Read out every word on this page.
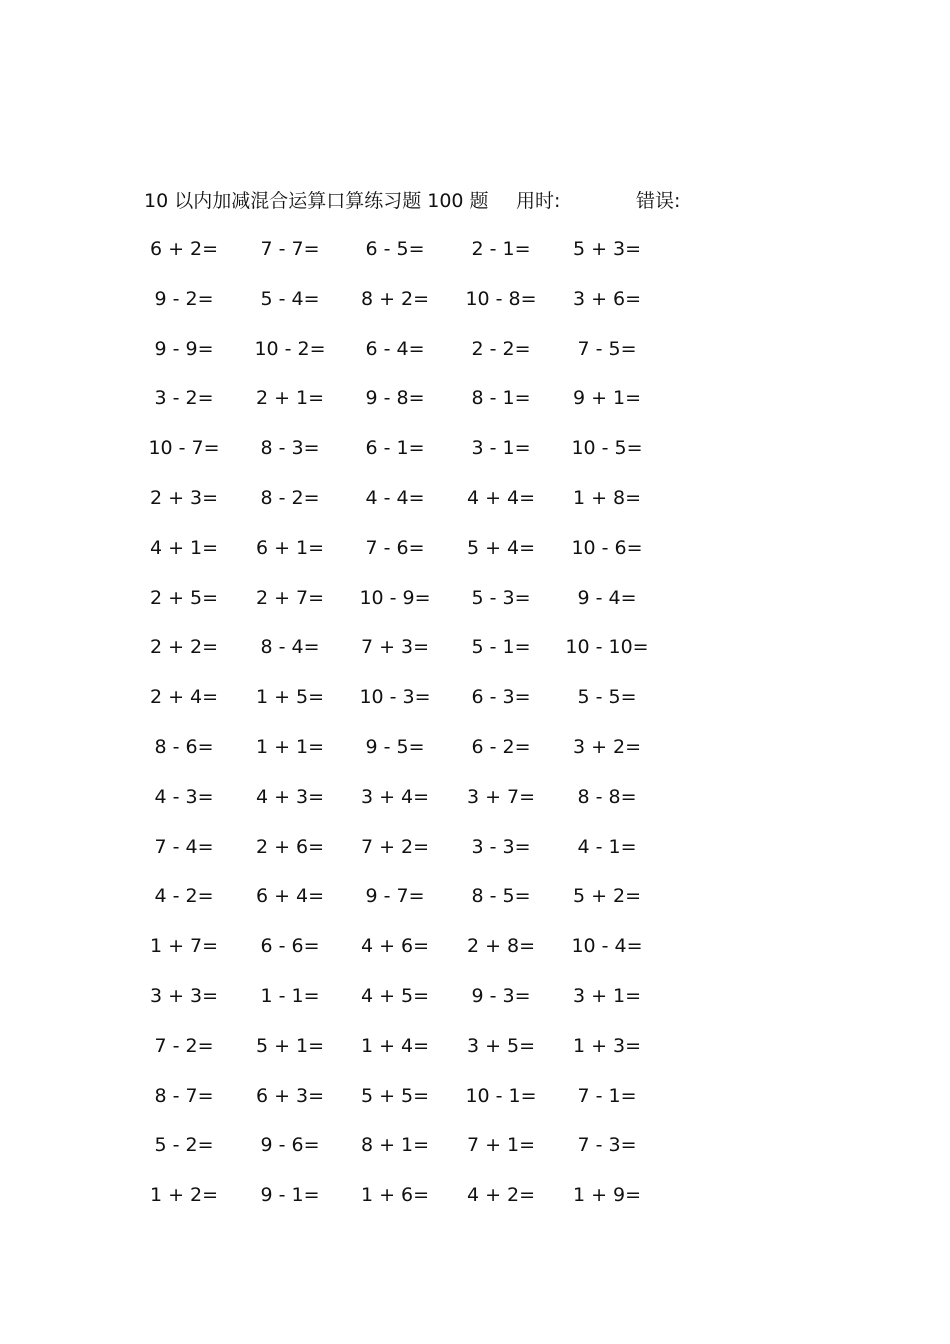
10 以内加减混合运算口算练习题 100 题 用时:	错误:
6 + 2=	7 - 7=	6 - 5=	2 - 1=	5 + 3=
9 - 2=	5 - 4=	8 + 2=	10 - 8=	3 + 6=
9 - 9=	10 - 2=	6 - 4=	2 - 2=	7 - 5=
3 - 2=	2 + 1=	9 - 8=	8 - 1=	9 + 1=
10 - 7=	8 - 3=	6 - 1=	3 - 1=	10 - 5=
2 + 3=	8 - 2=	4 - 4=	4 + 4=	1 + 8=
4 + 1=	6 + 1=	7 - 6=	5 + 4=	10 - 6=
2 + 5=	2 + 7=	10 - 9=	5 - 3=	9 - 4=
2 + 2=	8 - 4=	7 + 3=	5 - 1=	10 - 10=
2 + 4=	1 + 5=	10 - 3=	6 - 3=	5 - 5=
8 - 6=	1 + 1=	9 - 5=	6 - 2=	3 + 2=
4 - 3=	4 + 3=	3 + 4=	3 + 7=	8 - 8=
7 - 4=	2 + 6=	7 + 2=	3 - 3=	4 - 1=
4 - 2=	6 + 4=	9 - 7=	8 - 5=	5 + 2=
1 + 7=	6 - 6=	4 + 6=	2 + 8=	10 - 4=
3 + 3=	1 - 1=	4 + 5=	9 - 3=	3 + 1=
7 - 2=	5 + 1=	1 + 4=	3 + 5=	1 + 3=
8 - 7=	6 + 3=	5 + 5=	10 - 1=	7 - 1=
5 - 2=	9 - 6=	8 + 1=	7 + 1=	7 - 3=
1 + 2=	9 - 1=	1 + 6=	4 + 2=	1 + 9=
